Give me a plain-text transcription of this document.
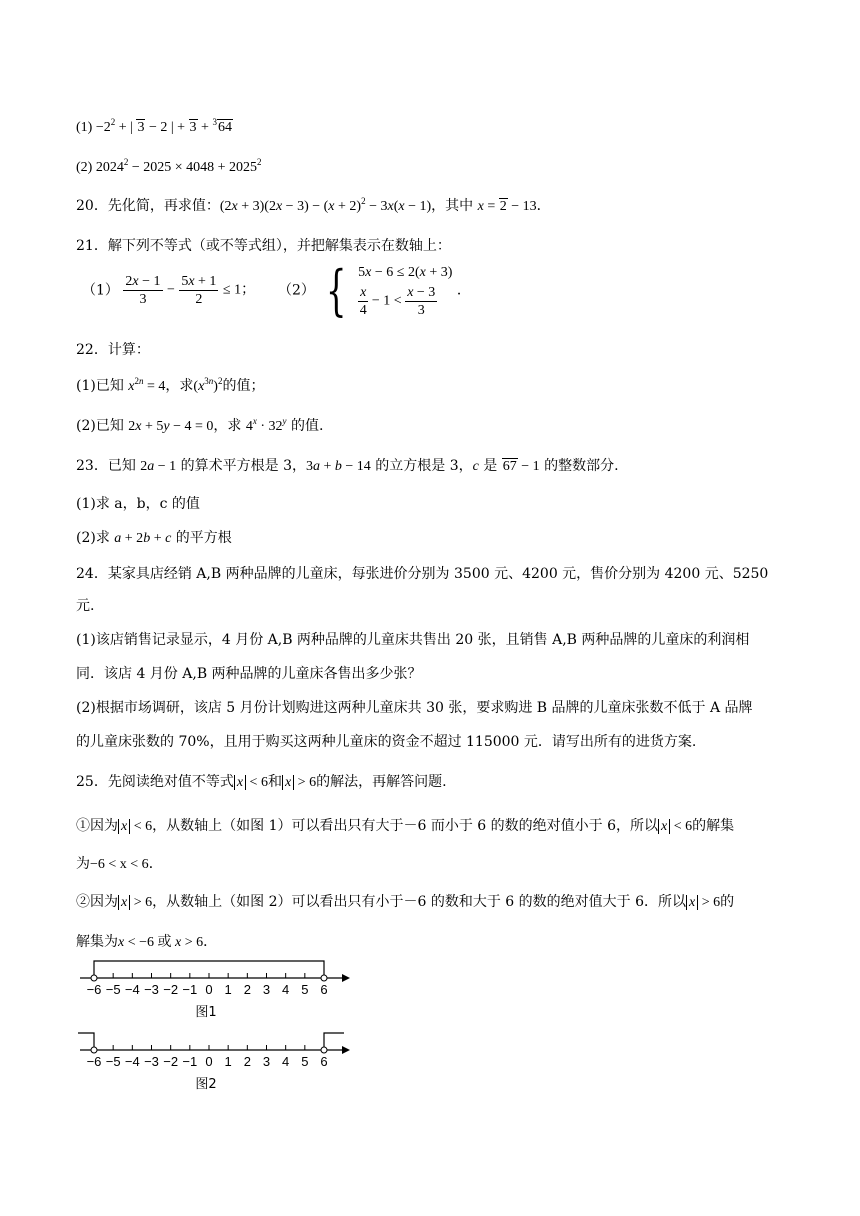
$(1) -2^2$ + | 3 − 2 | + 3 + $^3$64
(2) $2024^2 - 2025 \times 4048 + 2025^2$
20．先化简，再求值：$(2x + 3)(2x - 3) - (x + 2)^2 - 3x(x - 1)$，其中 x = 2 − 13．
21．解下列不等式（或不等式组），并把解集表示在数轴上：
$(1) \frac{2x - 1}{3} - \frac{5x + 1}{2} \le 1$； （2） { 5x − 6 ≤ 2(x + 3)
$\frac{x}{4} - 1 < \frac{x - 3}{3}$ ．
22．计算：
(1)已知 $x^{2n} = 4$，求$(x^{3n})^2$的值；
(2)已知 2x + 5y − 4 = 0，求 $4^x \cdot 32^y$ 的值.
23．已知 2a − 1 的算术平方根是 3，3a + b − 14 的立方根是 3，c 是 67 − 1 的整数部分.
(1)求 a，b，c 的值
(2)求 a + 2b + c 的平方根
24．某家具店经销 A,B 两种品牌的儿童床，每张进价分别为 3500 元、4200 元，售价分别为 4200 元、5250
元.
(1)该店销售记录显示，4 月份 A,B 两种品牌的儿童床共售出 20 张，且销售 A,B 两种品牌的儿童床的利润相
同．该店 4 月份 A,B 两种品牌的儿童床各售出多少张？
(2)根据市场调研，该店 5 月份计划购进这两种儿童床共 30 张，要求购进 B 品牌的儿童床张数不低于 A 品牌
的儿童床张数的 70%，且用于购买这两种儿童床的资金不超过 115000 元．请写出所有的进货方案.
25．先阅读绝对值不等式 x < 6和 x > 6的解法，再解答问题.
①因为 x < 6，从数轴上（如图 1）可以看出只有大于－6 而小于 6 的数的绝对值小于 6，所以 x < 6的解集
为−6 < x < 6．
②因为 x > 6，从数轴上（如图 2）可以看出只有小于－6 的数和大于 6 的数的绝对值大于 6．所以 x > 6的
解集为x < −6 或 x > 6．
−6 −5 −4 −3 −2 −1 0 1 2 3 4 5 6
图1
−6 −5 −4 −3 −2 −1 0 1 2 3 4 5 6
图2
